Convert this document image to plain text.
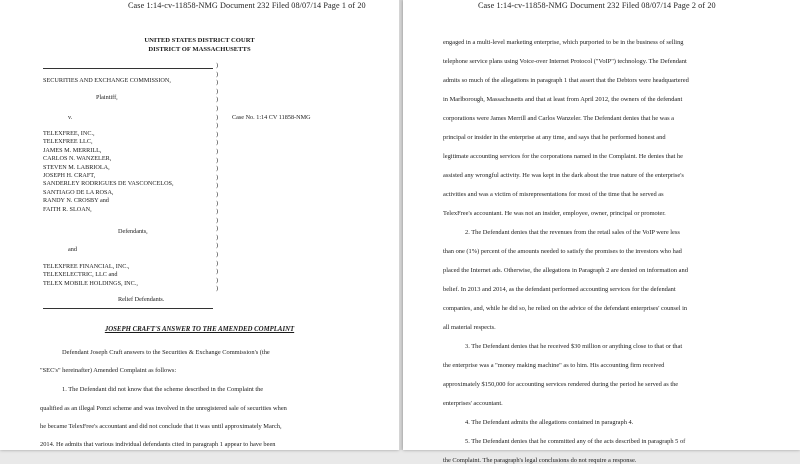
Case 1:14-cv-11858-NMG Document 232 Filed 08/07/14 Page 1 of 20
UNITED STATES DISTRICT COURT
DISTRICT OF MASSACHUSETTS
SECURITIES AND EXCHANGE COMMISSION,
Plaintiff,
v.
TELEXFREE, INC.,
TELEXFREE LLC,
JAMES M. MERRILL,
CARLOS N. WANZELER,
STEVEN M. LABRIOLA,
JOSEPH H. CRAFT,
SANDERLEY RODRIGUES DE VASCONCELOS,
SANTIAGO DE LA ROSA,
RANDY N. CROSBY and
FAITH R. SLOAN,
Defendants,
and
TELEXFREE FINANCIAL, INC.,
TELEXELECTRIC, LLC and
TELEX MOBILE HOLDINGS, INC.,
Relief Defendants.
)
)
)
)
)
)
)
)
)
)
)
)
)
)
)
)
)
)
)
)
)
)
)
)
)
)
)
Case No. 1:14 CV 11858-NMG
JOSEPH CRAFT'S ANSWER TO THE AMENDED COMPLAINT
Defendant Joseph Craft answers to the Securities & Exchange Commission's (the
"SEC's" hereinafter) Amended Complaint as follows:
1. The Defendant did not know that the scheme described in the Complaint the
qualified as an illegal Ponzi scheme and was involved in the unregistered sale of securities when
he became TelexFree's accountant and did not conclude that it was until approximately March,
2014. He admits that various individual defendants cited in paragraph 1 appear to have been
Case 1:14-cv-11858-NMG Document 232 Filed 08/07/14 Page 2 of 20
engaged in a multi-level marketing enterprise, which purported to be in the business of selling
telephone service plans using Voice-over Internet Protocol ("VoIP") technology. The Defendant
admits so much of the allegations in paragraph 1 that assert that the Debtors were headquartered
in Marlborough, Massachusetts and that at least from April 2012, the owners of the defendant
corporations were James Merrill and Carlos Wanzeler. The Defendant denies that he was a
principal or insider in the enterprise at any time, and says that he performed honest and
legitimate accounting services for the corporations named in the Complaint. He denies that he
assisted any wrongful activity. He was kept in the dark about the true nature of the enterprise's
activities and was a victim of misrepresentations for most of the time that he served as
TelexFree's accountant. He was not an insider, employee, owner, principal or promoter.
2. The Defendant denies that the revenues from the retail sales of the VoIP were less
than one (1%) percent of the amounts needed to satisfy the promises to the investors who had
placed the Internet ads. Otherwise, the allegations in Paragraph 2 are denied on information and
belief. In 2013 and 2014, as the defendant performed accounting services for the defendant
companies, and, while he did so, he relied on the advice of the defendant enterprises' counsel in
all material respects.
3. The Defendant denies that he received $30 million or anything close to that or that
the enterprise was a "money making machine" as to him. His accounting firm received
approximately $150,000 for accounting services rendered during the period he served as the
enterprises' accountant.
4. The Defendant admits the allegations contained in paragraph 4.
5. The Defendant denies that he committed any of the acts described in paragraph 5 of
the Complaint. The paragraph's legal conclusions do not require a response.
